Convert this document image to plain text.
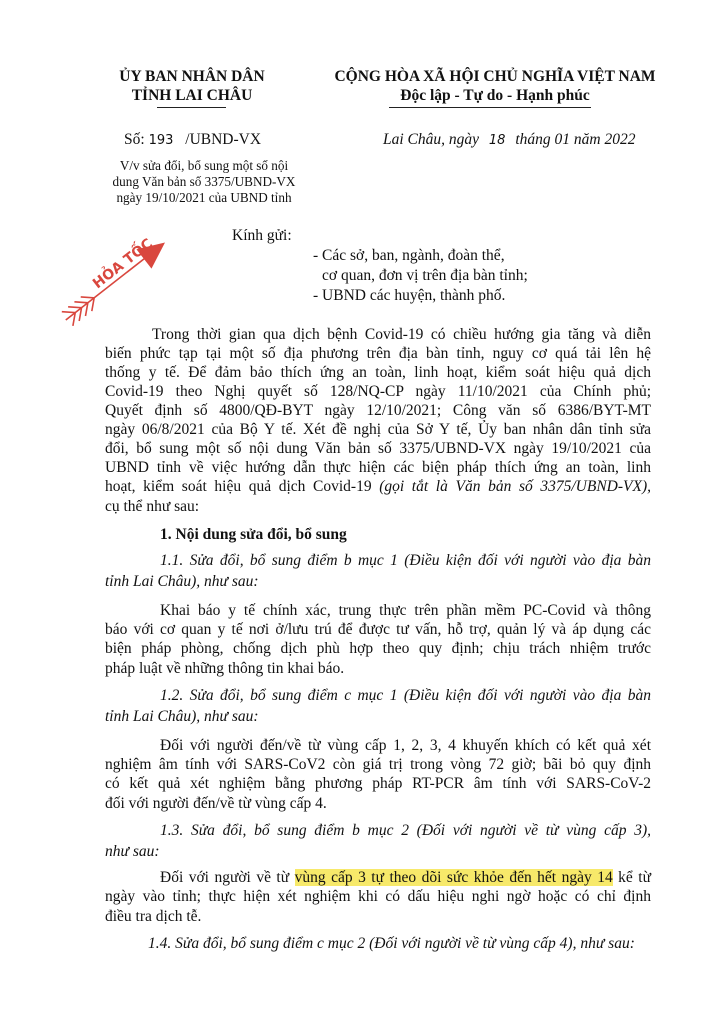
ỦY BAN NHÂN DÂN
TỈNH LAI CHÂU
CỘNG HÒA XÃ HỘI CHỦ NGHĨA VIỆT NAM
Độc lập - Tự do - Hạnh phúc
Số: 193 /UBND-VX	Lai Châu, ngày 18 tháng 01 năm 2022
V/v sửa đổi, bổ sung một số nội
dung Văn bản số 3375/UBND-VX
ngày 19/10/2021 của UBND tỉnh
HỎA TỐC
Kính gửi:
- Các sở, ban, ngành, đoàn thể,
cơ quan, đơn vị trên địa bàn tỉnh;
- UBND các huyện, thành phố.
Trong thời gian qua dịch bệnh Covid-19 có chiều hướng gia tăng và diễn
biến phức tạp tại một số địa phương trên địa bàn tỉnh, nguy cơ quá tải lên hệ
thống y tế. Để đảm bảo thích ứng an toàn, linh hoạt, kiểm soát hiệu quả dịch
Covid-19 theo Nghị quyết số 128/NQ-CP ngày 11/10/2021 của Chính phủ;
Quyết định số 4800/QĐ-BYT ngày 12/10/2021; Công văn số 6386/BYT-MT
ngày 06/8/2021 của Bộ Y tế. Xét đề nghị của Sở Y tế, Ủy ban nhân dân tỉnh sửa
đổi, bổ sung một số nội dung Văn bản số 3375/UBND-VX ngày 19/10/2021 của
UBND tỉnh về việc hướng dẫn thực hiện các biện pháp thích ứng an toàn, linh
hoạt, kiểm soát hiệu quả dịch Covid-19 (gọi tắt là Văn bản số 3375/UBND-VX),
cụ thể như sau:
1. Nội dung sửa đổi, bổ sung
1.1. Sửa đổi, bổ sung điểm b mục 1 (Điều kiện đối với người vào địa bàn
tỉnh Lai Châu), như sau:
Khai báo y tế chính xác, trung thực trên phần mềm PC-Covid và thông
báo với cơ quan y tế nơi ở/lưu trú để được tư vấn, hỗ trợ, quản lý và áp dụng các
biện pháp phòng, chống dịch phù hợp theo quy định; chịu trách nhiệm trước
pháp luật về những thông tin khai báo.
1.2. Sửa đổi, bổ sung điểm c mục 1 (Điều kiện đối với người vào địa bàn
tỉnh Lai Châu), như sau:
Đối với người đến/về từ vùng cấp 1, 2, 3, 4 khuyến khích có kết quả xét
nghiệm âm tính với SARS-CoV2 còn giá trị trong vòng 72 giờ; bãi bỏ quy định
có kết quả xét nghiệm bằng phương pháp RT-PCR âm tính với SARS-CoV-2
đối với người đến/về từ vùng cấp 4.
1.3. Sửa đổi, bổ sung điểm b mục 2 (Đối với người về từ vùng cấp 3),
như sau:
Đối với người về từ vùng cấp 3 tự theo dõi sức khỏe đến hết ngày 14 kể từ
ngày vào tỉnh; thực hiện xét nghiệm khi có dấu hiệu nghi ngờ hoặc có chỉ định
điều tra dịch tễ.
1.4. Sửa đổi, bổ sung điểm c mục 2 (Đối với người về từ vùng cấp 4), như sau:
